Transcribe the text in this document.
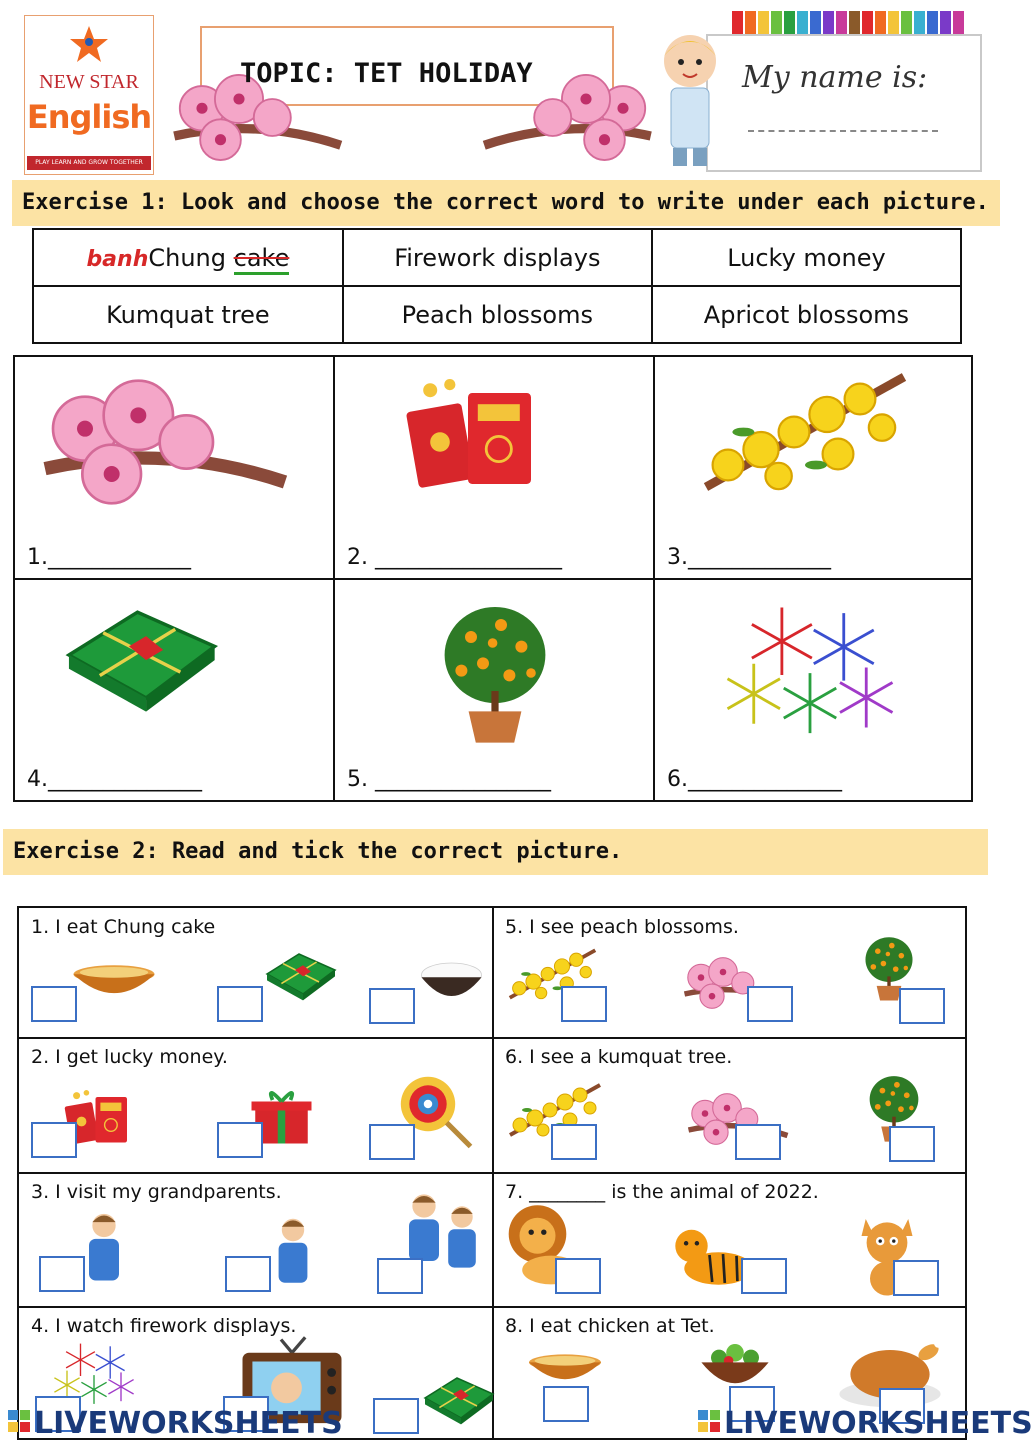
NEW STAR
English
PLAY LEARN AND GROW TOGETHER
TOPIC: TET HOLIDAY	My name is:
Exercise 1: Look and choose the correct word to write under each picture.
banhChung cake	Firework displays	Lucky money
Kumquat tree	Peach blossoms	Apricot blossoms
1._____________	2. _________________	3._____________
4.______________	5. ________________	6.______________
Exercise 2: Read and tick the correct picture.
1. I eat Chung cake
2. I get lucky money.
3. I visit my grandparents.
4. I watch firework displays.
5. I see peach blossoms.
6. I see a kumquat tree.
7. ________ is the animal of 2022.
8. I eat chicken at Tet.
LIVEWORKSHEETS	LIVEWORKSHEETS
